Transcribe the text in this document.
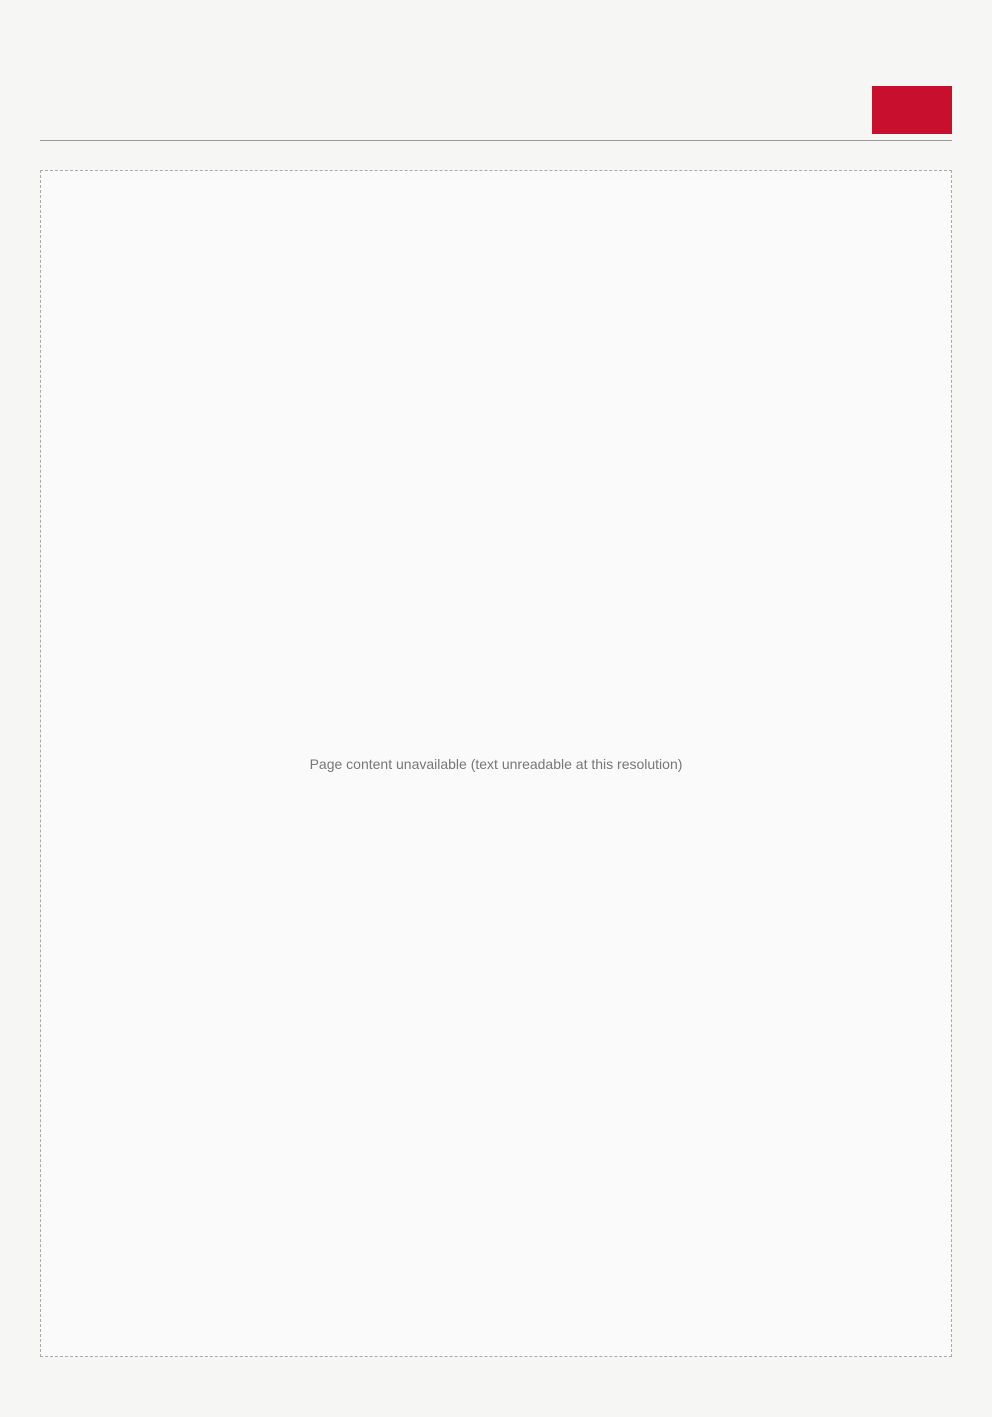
Page content unavailable (text unreadable at this resolution)
